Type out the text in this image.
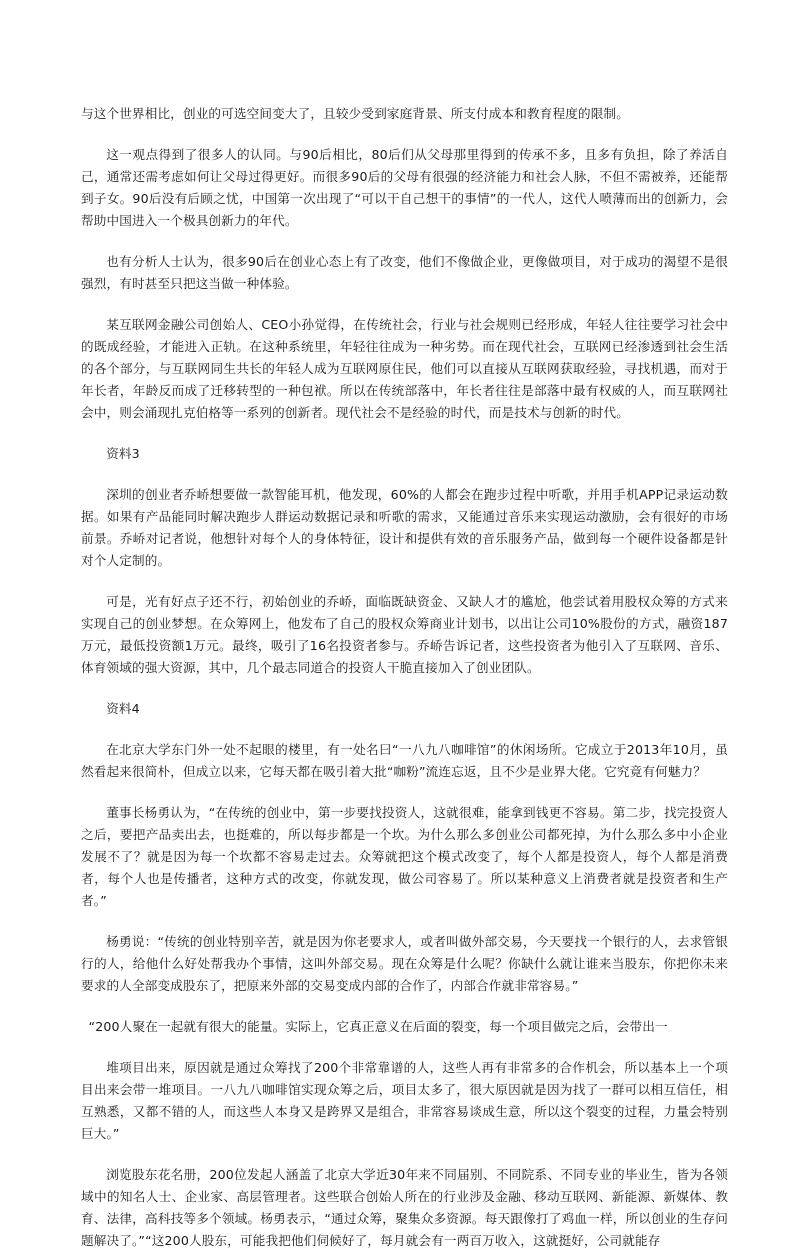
与这个世界相比，创业的可选空间变大了，且较少受到家庭背景、所支付成本和教育程度的限制。

这一观点得到了很多人的认同。与90后相比，80后们从父母那里得到的传承不多，且多有负担，除了养活自己，通常还需考虑如何让父母过得更好。而很多90后的父母有很强的经济能力和社会人脉，不但不需被养，还能帮到子女。90后没有后顾之忧，中国第一次出现了“可以干自己想干的事情”的一代人，这代人喷薄而出的创新力，会帮助中国进入一个极具创新力的年代。

也有分析人士认为，很多90后在创业心态上有了改变，他们不像做企业，更像做项目，对于成功的渴望不是很强烈，有时甚至只把这当做一种体验。

某互联网金融公司创始人、CEO小孙觉得，在传统社会，行业与社会规则已经形成，年轻人往往要学习社会中的既成经验，才能进入正轨。在这种系统里，年轻往往成为一种劣势。而在现代社会，互联网已经渗透到社会生活的各个部分，与互联网同生共长的年轻人成为互联网原住民，他们可以直接从互联网获取经验，寻找机遇，而对于年长者，年龄反而成了迁移转型的一种包袱。所以在传统部落中，年长者往往是部落中最有权威的人，而互联网社会中，则会涌现扎克伯格等一系列的创新者。现代社会不是经验的时代，而是技术与创新的时代。

资料3

深圳的创业者乔峤想要做一款智能耳机，他发现，60%的人都会在跑步过程中听歌，并用手机APP记录运动数据。如果有产品能同时解决跑步人群运动数据记录和听歌的需求，又能通过音乐来实现运动激励，会有很好的市场前景。乔峤对记者说，他想针对每个人的身体特征，设计和提供有效的音乐服务产品，做到每一个硬件设备都是针对个人定制的。

可是，光有好点子还不行，初始创业的乔峤，面临既缺资金、又缺人才的尴尬，他尝试着用股权众筹的方式来实现自己的创业梦想。在众筹网上，他发布了自己的股权众筹商业计划书，以出让公司10%股份的方式，融资187万元，最低投资额1万元。最终，吸引了16名投资者参与。乔峤告诉记者，这些投资者为他引入了互联网、音乐、体育领域的强大资源，其中，几个最志同道合的投资人干脆直接加入了创业团队。

资料4

在北京大学东门外一处不起眼的楼里，有一处名曰“一八九八咖啡馆”的休闲场所。它成立于2013年10月，虽然看起来很简朴，但成立以来，它每天都在吸引着大批“咖粉”流连忘返，且不少是业界大佬。它究竟有何魅力？

董事长杨勇认为，“在传统的创业中，第一步要找投资人，这就很难，能拿到钱更不容易。第二步，找完投资人之后，要把产品卖出去，也挺难的，所以每步都是一个坎。为什么那么多创业公司都死掉，为什么那么多中小企业发展不了？就是因为每一个坎都不容易走过去。众筹就把这个模式改变了，每个人都是投资人，每个人都是消费者，每个人也是传播者，这种方式的改变，你就发现，做公司容易了。所以某种意义上消费者就是投资者和生产者。”

杨勇说：“传统的创业特别辛苦，就是因为你老要求人，或者叫做外部交易，今天要找一个银行的人，去求管银行的人，给他什么好处帮我办个事情，这叫外部交易。现在众筹是什么呢？你缺什么就让谁来当股东，你把你未来要求的人全部变成股东了，把原来外部的交易变成内部的合作了，内部合作就非常容易。”

“200人聚在一起就有很大的能量。实际上，它真正意义在后面的裂变，每一个项目做完之后，会带出一

堆项目出来，原因就是通过众筹找了200个非常靠谱的人，这些人再有非常多的合作机会，所以基本上一个项目出来会带一堆项目。一八九八咖啡馆实现众筹之后，项目太多了，很大原因就是因为找了一群可以相互信任，相互熟悉，又都不错的人，而这些人本身又是跨界又是组合，非常容易谈成生意，所以这个裂变的过程，力量会特别巨大。”

浏览股东花名册，200位发起人涵盖了北京大学近30年来不同届别、不同院系、不同专业的毕业生，皆为各领域中的知名人士、企业家、高层管理者。这些联合创始人所在的行业涉及金融、移动互联网、新能源、新媒体、教育、法律，高科技等多个领域。杨勇表示，“通过众筹，聚集众多资源。每天跟像打了鸡血一样，所以创业的生存问题解决了。”“这200人股东，可能我把他们伺候好了，每月就会有一两百万收入，这就挺好，公司就能存
